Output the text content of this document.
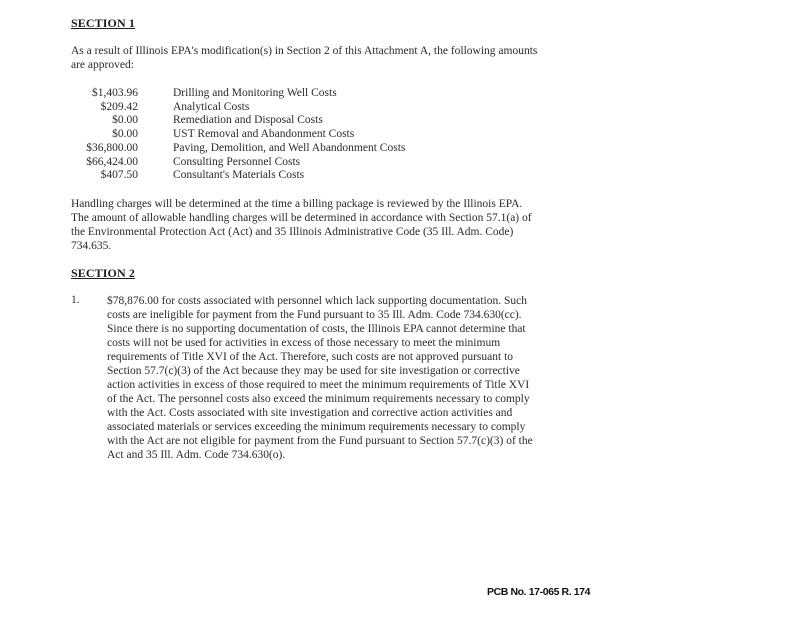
SECTION 1
As a result of Illinois EPA's modification(s) in Section 2 of this Attachment A, the following amounts are approved:
$1,403.96	Drilling and Monitoring Well Costs
$209.42	Analytical Costs
$0.00	Remediation and Disposal Costs
$0.00	UST Removal and Abandonment Costs
$36,800.00	Paving, Demolition, and Well Abandonment Costs
$66,424.00	Consulting Personnel Costs
$407.50	Consultant's Materials Costs
Handling charges will be determined at the time a billing package is reviewed by the Illinois EPA. The amount of allowable handling charges will be determined in accordance with Section 57.1(a) of the Environmental Protection Act (Act) and 35 Illinois Administrative Code (35 Ill. Adm. Code) 734.635.
SECTION 2
1. $78,876.00 for costs associated with personnel which lack supporting documentation. Such costs are ineligible for payment from the Fund pursuant to 35 Ill. Adm. Code 734.630(cc). Since there is no supporting documentation of costs, the Illinois EPA cannot determine that costs will not be used for activities in excess of those necessary to meet the minimum requirements of Title XVI of the Act. Therefore, such costs are not approved pursuant to Section 57.7(c)(3) of the Act because they may be used for site investigation or corrective action activities in excess of those required to meet the minimum requirements of Title XVI of the Act. The personnel costs also exceed the minimum requirements necessary to comply with the Act. Costs associated with site investigation and corrective action activities and associated materials or services exceeding the minimum requirements necessary to comply with the Act are not eligible for payment from the Fund pursuant to Section 57.7(c)(3) of the Act and 35 Ill. Adm. Code 734.630(o).
PCB No. 17-065 R. 174
